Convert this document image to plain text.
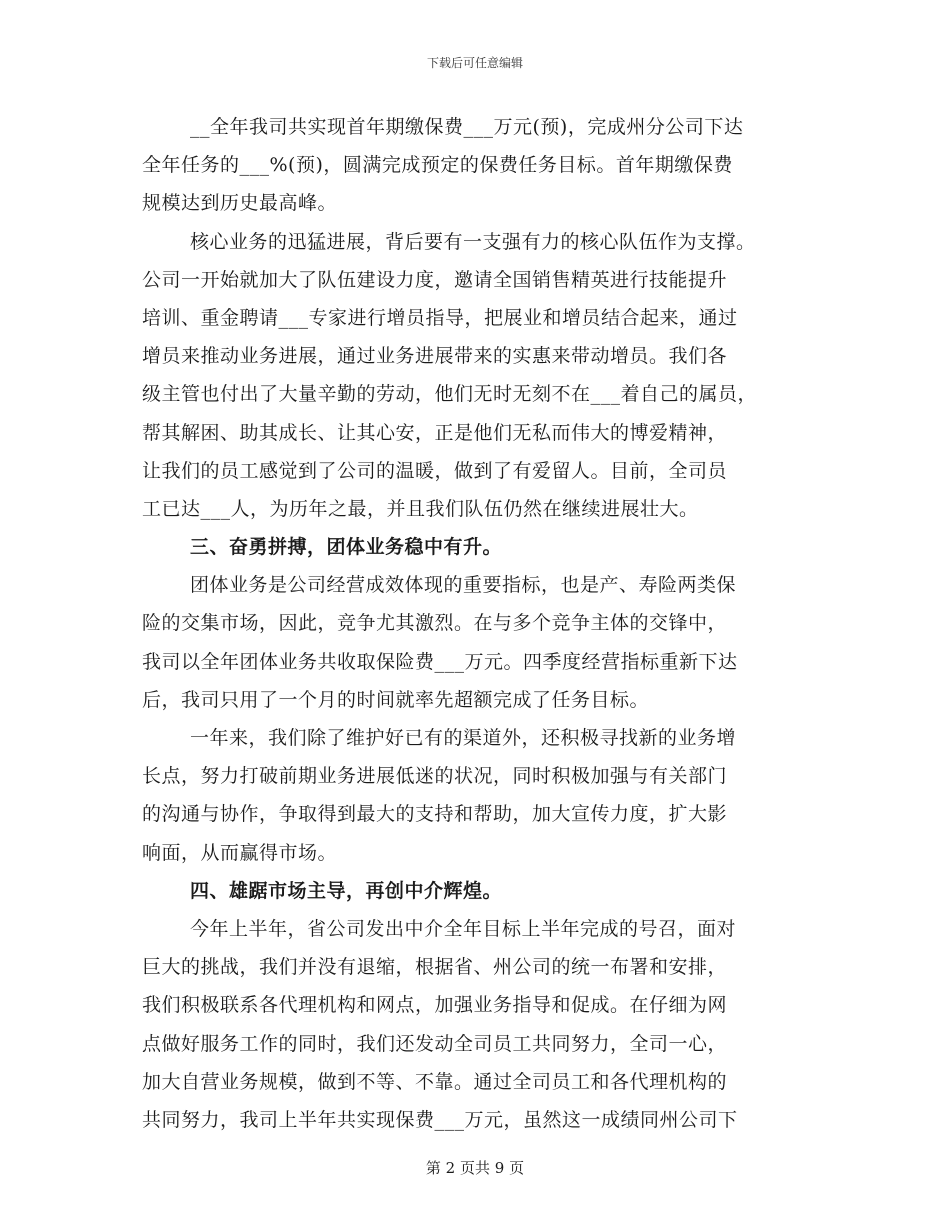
下载后可任意编辑
__全年我司共实现首年期缴保费___万元(预)，完成州分公司下达
全年任务的___%(预)，圆满完成预定的保费任务目标。首年期缴保费
规模达到历史最高峰。
核心业务的迅猛进展，背后要有一支强有力的核心队伍作为支撑。
公司一开始就加大了队伍建设力度，邀请全国销售精英进行技能提升
培训、重金聘请___专家进行增员指导，把展业和增员结合起来，通过
增员来推动业务进展，通过业务进展带来的实惠来带动增员。我们各
级主管也付出了大量辛勤的劳动，他们无时无刻不在___着自己的属员，
帮其解困、助其成长、让其心安，正是他们无私而伟大的博爱精神，
让我们的员工感觉到了公司的温暖，做到了有爱留人。目前，全司员
工已达___人，为历年之最，并且我们队伍仍然在继续进展壮大。
三、奋勇拼搏，团体业务稳中有升。
团体业务是公司经营成效体现的重要指标，也是产、寿险两类保
险的交集市场，因此，竞争尤其激烈。在与多个竞争主体的交锋中，
我司以全年团体业务共收取保险费___万元。四季度经营指标重新下达
后，我司只用了一个月的时间就率先超额完成了任务目标。
一年来，我们除了维护好已有的渠道外，还积极寻找新的业务增
长点，努力打破前期业务进展低迷的状况，同时积极加强与有关部门
的沟通与协作，争取得到最大的支持和帮助，加大宣传力度，扩大影
响面，从而赢得市场。
四、雄踞市场主导，再创中介辉煌。
今年上半年，省公司发出中介全年目标上半年完成的号召，面对
巨大的挑战，我们并没有退缩，根据省、州公司的统一布署和安排，
我们积极联系各代理机构和网点，加强业务指导和促成。在仔细为网
点做好服务工作的同时，我们还发动全司员工共同努力，全司一心，
加大自营业务规模，做到不等、不靠。通过全司员工和各代理机构的
共同努力，我司上半年共实现保费___万元，虽然这一成绩同州公司下
第 2 页共 9 页
